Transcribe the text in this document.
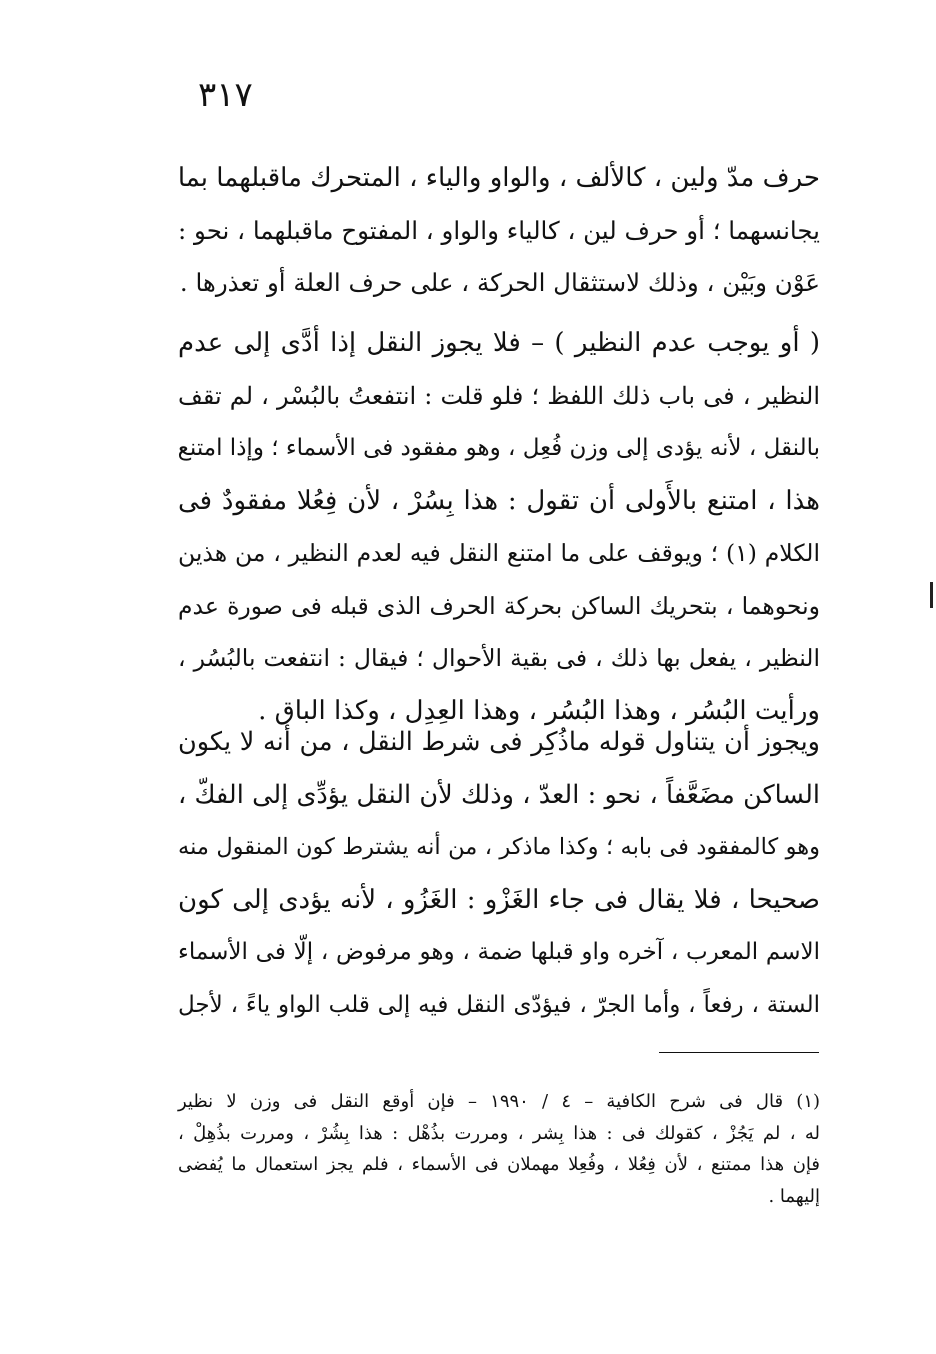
٣١٧
حرف مدّ ولين ، كالألف ، والواو والياء ، المتحرك ماقبلهما بما
يجانسهما ؛ أو حرف لين ، كالياء والواو ، المفتوح ماقبلهما ، نحو :
عَوْن وبَيْن ، وذلك لاستثقال الحركة ، على حرف العلة أو تعذرها .
( أو يوجب عدم النظير ) – فلا يجوز النقل إذا أدَّى إلى عدم
النظير ، فى باب ذلك اللفظ ؛ فلو قلت : انتفعتُ بالبُسْر ، لم تقف
بالنقل ، لأنه يؤدى إلى وزن فُعِل ، وهو مفقود فى الأسماء ؛ وإذا امتنع
هذا ، امتنع بالأَولى أن تقول : هذا بِسُرْ ، لأن فِعُلا مفقودٌ فى
الكلام (١) ؛ ويوقف على ما امتنع النقل فيه لعدم النظير ، من هذين
ونحوهما ، بتحريك الساكن بحركة الحرف الذى قبله فى صورة عدم
النظير ، يفعل بها ذلك ، فى بقية الأحوال ؛ فيقال : انتفعت بالبُسُر ،
ورأيت البُسُر ، وهذا البُسُر ، وهذا العِدِل ، وكذا الباق .
ويجوز أن يتناول قوله ماذُكِر فى شرط النقل ، من أنه لا يكون
الساكن مضَعَّفاً ، نحو : العدّ ، وذلك لأن النقل يؤدِّى إلى الفكّ ،
وهو كالمفقود فى بابه ؛ وكذا ماذكر ، من أنه يشترط كون المنقول منه
صحيحا ، فلا يقال فى جاء الغَزْو : الغَزُو ، لأنه يؤدى إلى كون
الاسم المعرب ، آخره واو قبلها ضمة ، وهو مرفوض ، إلّا فى الأسماء
الستة ، رفعاً ، وأما الجرّ ، فيؤدّى النقل فيه إلى قلب الواو ياءً ، لأجل
(١) قال فى شرح الكافية – ٤ / ١٩٩٠ – فإن أوقع النقل فى وزن لا نظير
له ، لم يَجُزْ ، كقولك فى : هذا بِشر ، ومررت بذُهْل : هذا بِشُرْ ، ومررت بذُهِلْ ،
فإن هذا ممتنع ، لأن فِعُلا ، وفُعِلا مهملان فى الأسماء ، فلم يجز استعمال ما يُفضى
إليهما .
